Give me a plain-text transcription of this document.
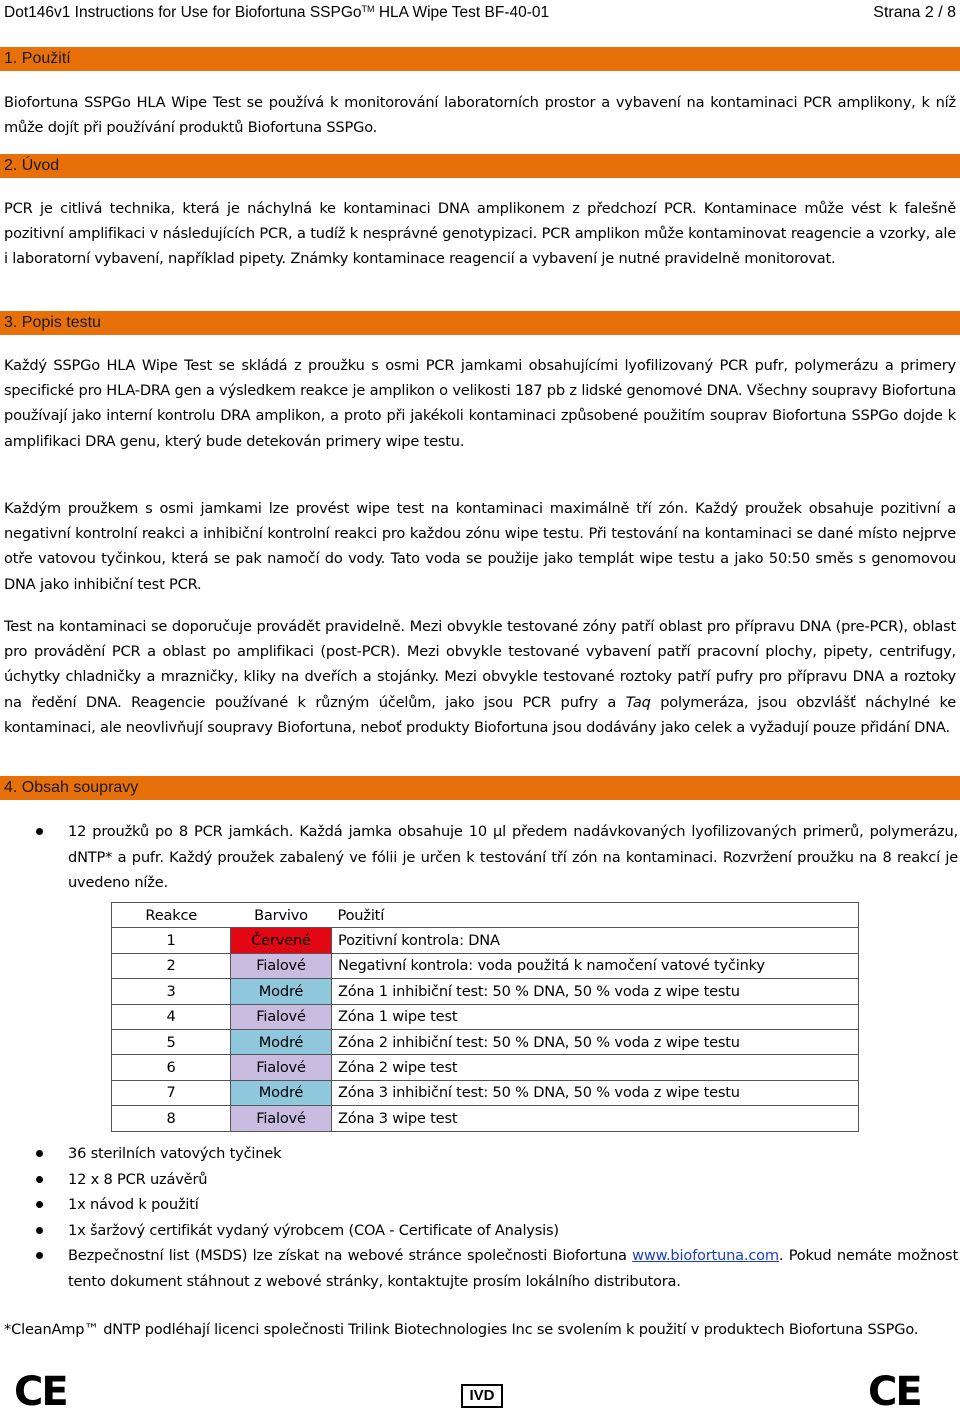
Dot146v1 Instructions for Use for Biofortuna SSPGo™ HLA Wipe Test BF-40-01	Strana 2 / 8
1. Použití
Biofortuna SSPGo HLA Wipe Test se používá k monitorování laboratorních prostor a vybavení na kontaminaci PCR amplikony, k níž může dojít při používání produktů Biofortuna SSPGo.
2. Úvod
PCR je citlivá technika, která je náchylná ke kontaminaci DNA amplikonem z předchozí PCR. Kontaminace může vést k falešně pozitivní amplifikaci v následujících PCR, a tudíž k nesprávné genotypizaci. PCR amplikon může kontaminovat reagencie a vzorky, ale i laboratorní vybavení, například pipety. Známky kontaminace reagencií a vybavení je nutné pravidelně monitorovat.
3. Popis testu
Každý SSPGo HLA Wipe Test se skládá z proužku s osmi PCR jamkami obsahujícími lyofilizovaný PCR pufr, polymerázu a primery specifické pro HLA-DRA gen a výsledkem reakce je amplikon o velikosti 187 pb z lidské genomové DNA. Všechny soupravy Biofortuna používají jako interní kontrolu DRA amplikon, a proto při jakékoli kontaminaci způsobené použitím souprav Biofortuna SSPGo dojde k amplifikaci DRA genu, který bude detekován primery wipe testu.
Každým proužkem s osmi jamkami lze provést wipe test na kontaminaci maximálně tří zón. Každý proužek obsahuje pozitivní a negativní kontrolní reakci a inhibiční kontrolní reakci pro každou zónu wipe testu. Při testování na kontaminaci se dané místo nejprve otře vatovou tyčinkou, která se pak namočí do vody. Tato voda se použije jako templát wipe testu a jako 50:50 směs s genomovou DNA jako inhibiční test PCR.
Test na kontaminaci se doporučuje provádět pravidelně. Mezi obvykle testované zóny patří oblast pro přípravu DNA (pre-PCR), oblast pro provádění PCR a oblast po amplifikaci (post-PCR). Mezi obvykle testované vybavení patří pracovní plochy, pipety, centrifugy, úchytky chladničky a mrazničky, kliky na dveřích a stojánky. Mezi obvykle testované roztoky patří pufry pro přípravu DNA a roztoky na ředění DNA. Reagencie používané k různým účelům, jako jsou PCR pufry a Taq polymeráza, jsou obzvlášť náchylné ke kontaminaci, ale neovlivňují soupravy Biofortuna, neboť produkty Biofortuna jsou dodávány jako celek a vyžadují pouze přidání DNA.
4. Obsah soupravy
12 proužků po 8 PCR jamkách. Každá jamka obsahuje 10 µl předem nadávkovaných lyofilizovaných primerů, polymerázu, dNTP* a pufr. Každý proužek zabalený ve fólii je určen k testování tří zón na kontaminaci. Rozvržení proužku na 8 reakcí je uvedeno níže.
Reakce	Barvivo	Použití
1	Červené	Pozitivní kontrola: DNA
2	Fialové	Negativní kontrola: voda použitá k namočení vatové tyčinky
3	Modré	Zóna 1 inhibiční test: 50 % DNA, 50 % voda z wipe testu
4	Fialové	Zóna 1 wipe test
5	Modré	Zóna 2 inhibiční test: 50 % DNA, 50 % voda z wipe testu
6	Fialové	Zóna 2 wipe test
7	Modré	Zóna 3 inhibiční test: 50 % DNA, 50 % voda z wipe testu
8	Fialové	Zóna 3 wipe test
36 sterilních vatových tyčinek
12 x 8 PCR uzávěrů
1x návod k použití
1x šaržový certifikát vydaný výrobcem (COA - Certificate of Analysis)
Bezpečnostní list (MSDS) lze získat na webové stránce společnosti Biofortuna www.biofortuna.com. Pokud nemáte možnost tento dokument stáhnout z webové stránky, kontaktujte prosím lokálního distributora.
*CleanAmp™ dNTP podléhají licenci společnosti Trilink Biotechnologies Inc se svolením k použití v produktech Biofortuna SSPGo.
CE	IVD	CE
